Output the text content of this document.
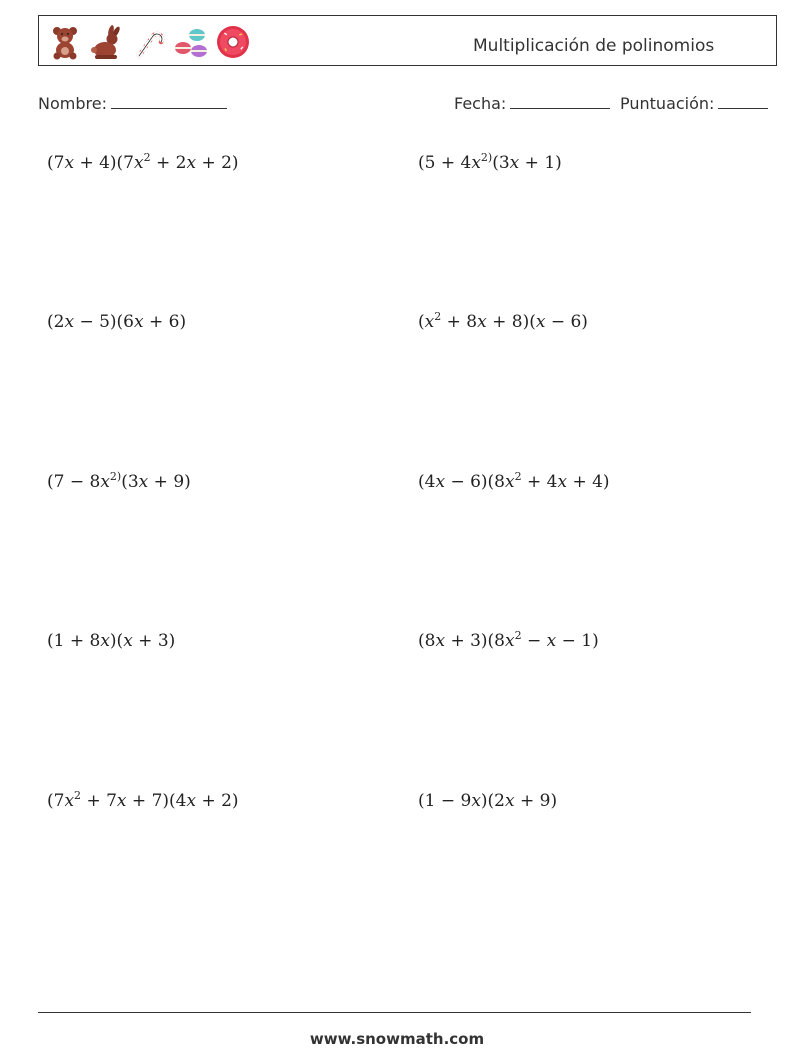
Multiplicación de polinomios
Nombre:	Fecha:	Puntuación:
$(7x + 4)(7x^2 + 2x + 2)$	($5 + 4x^{2)}(3x + 1)$
(2x − 5)(6x + 6)	$(x^2 + 8x + 8)(x - 6)$
($7 - 8x^{2)}(3x + 9)$	$(4x - 6)(8x^2 + 4x + 4)$
(1 + 8x)(x + 3)	$(8x + 3)(8x^2 - x - 1)$
$(7x^2 + 7x + 7)(4x + 2)$	(1 − 9x)(2x + 9)
www.snowmath.com
